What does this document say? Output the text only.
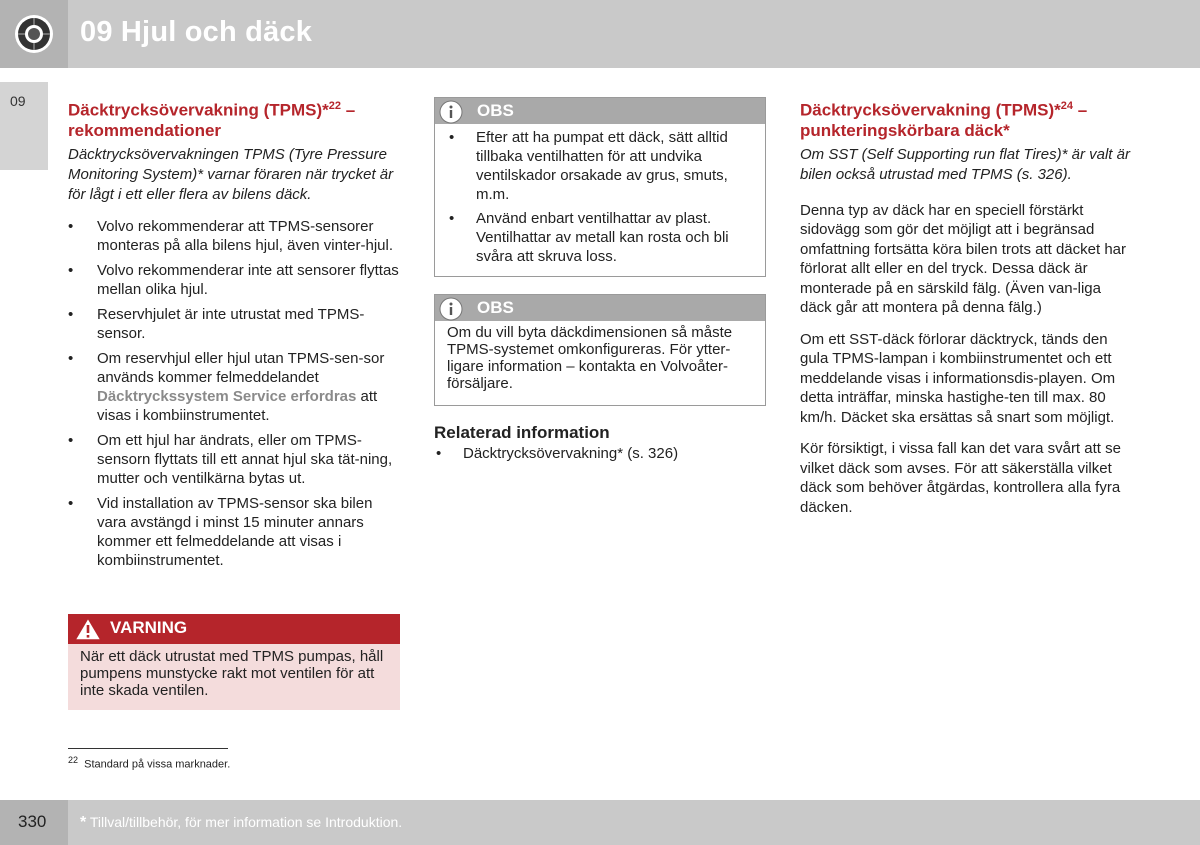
09 Hjul och däck
09 Däcktrycksövervakning (TPMS)*$^{22}$ –
rekommendationer

Däcktrycksövervakningen TPMS (Tyre Pressure Monitoring System)* varnar föraren när trycket är för lågt i ett eller flera av bilens däck.

• Volvo rekommenderar att TPMS-sensorer monteras på alla bilens hjul, även vinter-hjul.
• Volvo rekommenderar inte att sensorer flyttas mellan olika hjul.
• Reservhjulet är inte utrustat med TPMS-sensor.
• Om reservhjul eller hjul utan TPMS-sen-sor används kommer felmeddelandet Däcktryckssystem Service erfordras att visas i kombiinstrumentet.
• Om ett hjul har ändrats, eller om TPMS-sensorn flyttats till ett annat hjul ska tät-ning, mutter och ventilkärna bytas ut.
• Vid installation av TPMS-sensor ska bilen vara avstängd i minst 15 minuter annars kommer ett felmeddelande att visas i kombiinstrumentet.
VARNING
När ett däck utrustat med TPMS pumpas, håll pumpens munstycke rakt mot ventilen för att inte skada ventilen.
OBS
• Efter att ha pumpat ett däck, sätt alltid tillbaka ventilhatten för att undvika ventilskador orsakade av grus, smuts, m.m.
• Använd enbart ventilhattar av plast. Ventilhattar av metall kan rosta och bli svåra att skruva loss.
OBS

Om du vill byta däckdimensionen så måste TPMS-systemet omkonfigureras. För ytter-ligare information – kontakta en Volvoåter-försäljare.

Relaterad information
• Däcktrycksövervakning* (s. 326)
Däcktrycksövervakning (TPMS)*$^{24}$ –
punkteringskörbara däck*

Om SST (Self Supporting run flat Tires)* är valt är bilen också utrustad med TPMS (s. 326).

Denna typ av däck har en speciell förstärkt sidovägg som gör det möjligt att i begränsad omfattning fortsätta köra bilen trots att däcket har förlorat allt eller en del tryck. Dessa däck är monterade på en särskild fälg. (Även van-liga däck går att montera på denna fälg.)

Om ett SST-däck förlorar däcktryck, tänds den gula TPMS-lampan i kombiinstrumentet och ett meddelande visas i informationsdis-playen. Om detta inträffar, minska hastighe-ten till max. 80 km/h. Däcket ska ersättas så snart som möjligt.

Kör försiktigt, i vissa fall kan det vara svårt att se vilket däck som avses. För att säkerställa vilket däck som behöver åtgärdas, kontrollera alla fyra däcken.

$^{22}$ Standard på vissa marknader.
330 * Tillval/tillbehör, för mer information se Introduktion.
